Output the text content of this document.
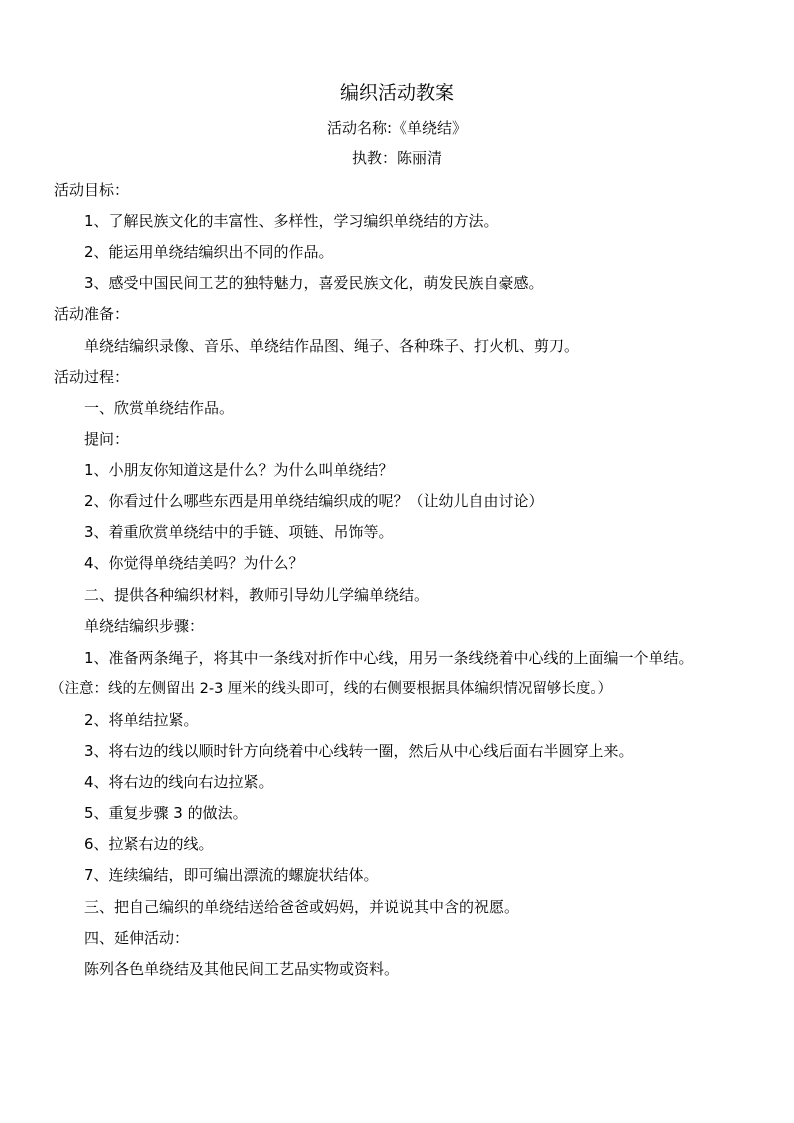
编织活动教案
活动名称:《单绕结》
执教：陈丽清
活动目标：
1、了解民族文化的丰富性、多样性，学习编织单绕结的方法。
2、能运用单绕结编织出不同的作品。
3、感受中国民间工艺的独特魅力，喜爱民族文化，萌发民族自豪感。
活动准备：
单绕结编织录像、音乐、单绕结作品图、绳子、各种珠子、打火机、剪刀。
活动过程：
一、欣赏单绕结作品。
提问：
1、小朋友你知道这是什么？为什么叫单绕结？
2、你看过什么哪些东西是用单绕结编织成的呢？（让幼儿自由讨论）
3、着重欣赏单绕结中的手链、项链、吊饰等。
4、你觉得单绕结美吗？为什么？
二、提供各种编织材料，教师引导幼儿学编单绕结。
单绕结编织步骤：
1、准备两条绳子，将其中一条线对折作中心线，用另一条线绕着中心线的上面编一个单结。
（注意：线的左侧留出 2-3 厘米的线头即可，线的右侧要根据具体编织情况留够长度。）
2、将单结拉紧。
3、将右边的线以顺时针方向绕着中心线转一圈，然后从中心线后面右半圆穿上来。
4、将右边的线向右边拉紧。
5、重复步骤 3 的做法。
6、拉紧右边的线。
7、连续编结，即可编出漂流的螺旋状结体。
三、把自己编织的单绕结送给爸爸或妈妈，并说说其中含的祝愿。
四、延伸活动：
陈列各色单绕结及其他民间工艺品实物或资料。
